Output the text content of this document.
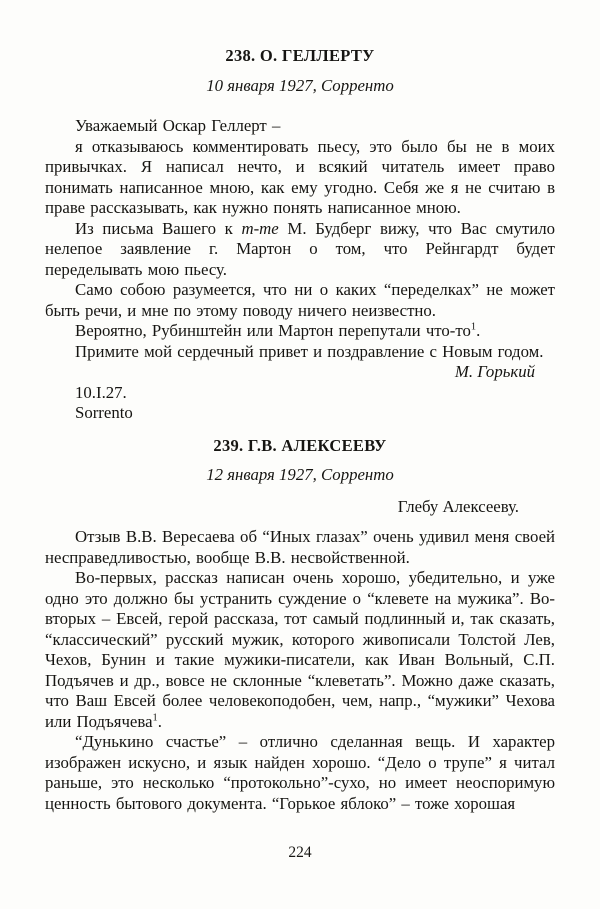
238. О. ГЕЛЛЕРТУ
10 января 1927, Сорренто

Уважаемый Оскар Геллерт –

я отказываюсь комментировать пьесу, это было бы не в моих привычках. Я написал нечто, и всякий читатель имеет право понимать написанное мною, как ему угодно. Себя же я не считаю в праве рассказывать, как нужно понять написанное мною.

Из письма Вашего к m-me М. Будберг вижу, что Вас смутило нелепое заявление г. Мартон о том, что Рейнгардт будет переделывать мою пьесу.

Само собою разумеется, что ни о каких “переделках” не может быть речи, и мне по этому поводу ничего неизвестно.

Вероятно, Рубинштейн или Мартон перепутали что-то$^1$.

Примите мой сердечный привет и поздравление с Новым годом.

М. Горький
10.I.27.
Sorrento
239. Г.В. АЛЕКСЕЕВУ
12 января 1927, Сорренто
Глебу Алексееву.

Отзыв В.В. Вересаева об “Иных глазах” очень удивил меня своей несправедливостью, вообще В.В. несвойственной.

Во-первых, рассказ написан очень хорошо, убедительно, и уже одно это должно бы устранить суждение о “клевете на мужика”. Во-вторых – Евсей, герой рассказа, тот самый подлинный и, так сказать, “классический” русский мужик, которого живописали Толстой Лев, Чехов, Бунин и такие мужики-писатели, как Иван Вольный, С.П. Подъячев и др., вовсе не склонные “клеветать”. Можно даже сказать, что Ваш Евсей более человекоподобен, чем, напр., “мужики” Чехова или Подъячева$^1$.

“Дунькино счастье” – отлично сделанная вещь. И характер изображен искусно, и язык найден хорошо. “Дело о трупе” я читал раньше, это несколько “протокольно”-сухо, но имеет неоспоримую ценность бытового документа. “Горькое яблоко” – тоже хорошая

224
